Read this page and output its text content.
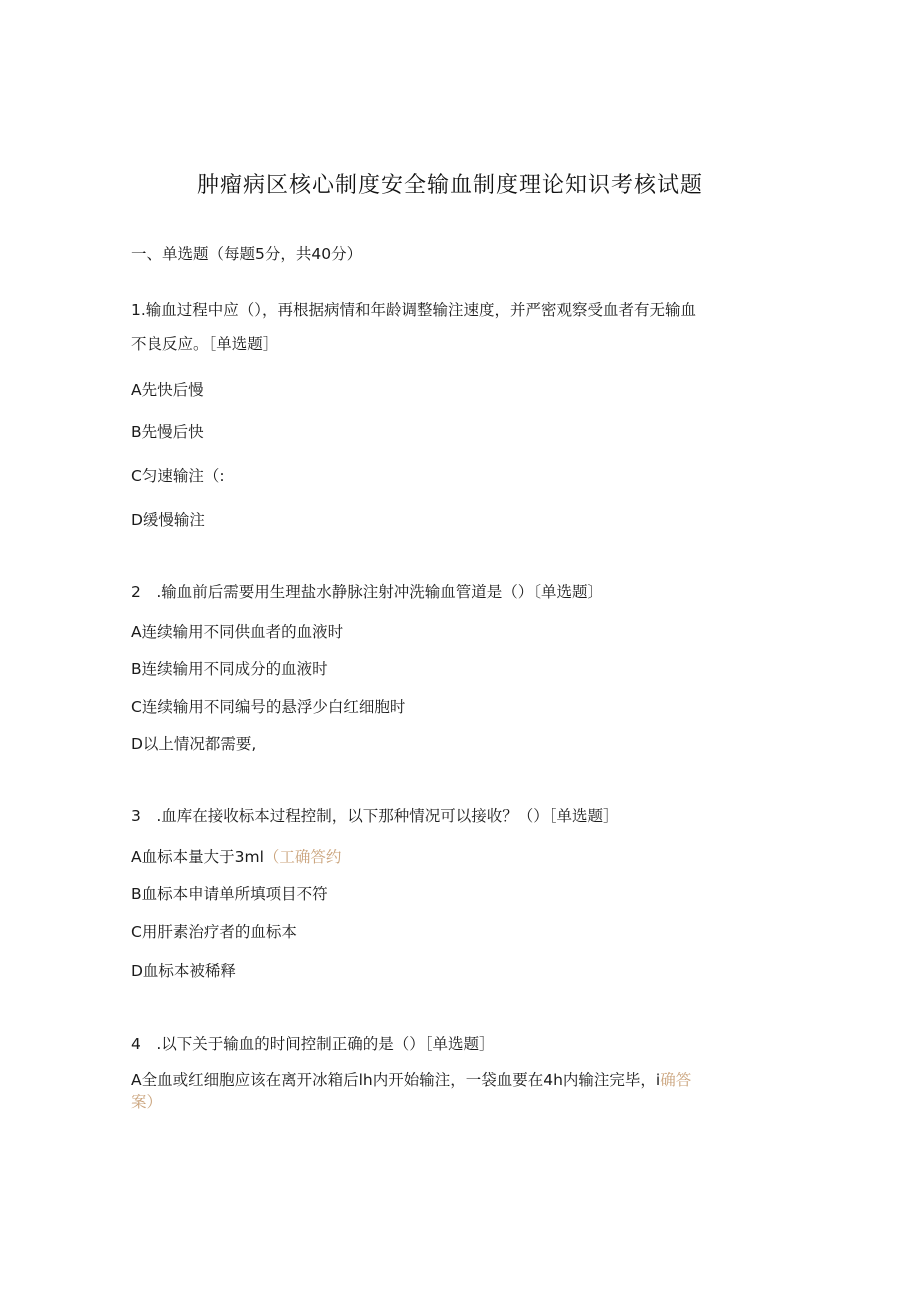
肿瘤病区核心制度安全输血制度理论知识考核试题
一、单选题（每题5分，共40分）
1.输血过程中应（），再根据病情和年龄调整输注速度，并严密观察受血者有无输血
不良反应。［单选题］
A先快后慢
B先慢后快
C匀速输注（:
D缓慢输注
2　.输血前后需要用生理盐水静脉注射冲洗输血管道是（）〔单选题〕
A连续输用不同供血者的血液时
B连续输用不同成分的血液时
C连续输用不同编号的悬浮少白红细胞时
D以上情况都需要,
3　.血库在接收标本过程控制，以下那种情况可以接收？（）［单选题］
A血标本量大于3ml（工确答约
B血标本申请单所填项目不符
C用肝素治疗者的血标本
D血标本被稀释
4　.以下关于输血的时间控制正确的是（）［单选题］
A全血或红细胞应该在离开冰箱后lh内开始输注，一袋血要在4h内输注完毕，i确答
案）
